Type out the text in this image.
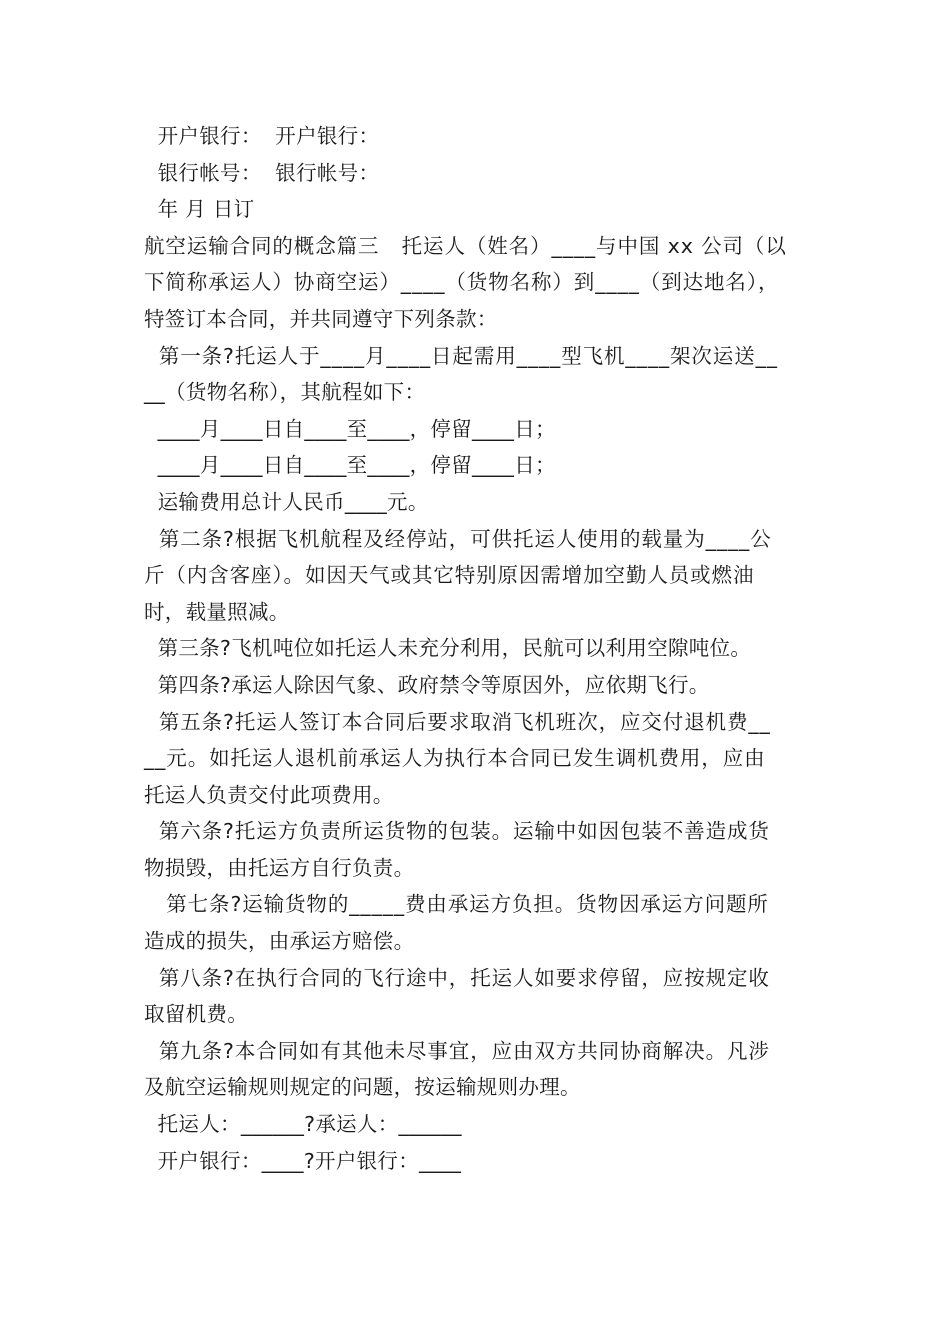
开户银行：  开户银行：
银行帐号：  银行帐号：
年 月 日订
航空运输合同的概念篇三   托运人（姓名）____与中国 xx 公司（以
下简称承运人）协商空运）____（货物名称）到____（到达地名），
特签订本合同，并共同遵守下列条款：
第一条?托运人于____月____日起需用____型飞机____架次运送__
__（货物名称），其航程如下：
____月____日自____至____，停留____日；
____月____日自____至____，停留____日；
运输费用总计人民币____元。
第二条?根据飞机航程及经停站，可供托运人使用的载量为____公
斤（内含客座）。如因天气或其它特别原因需增加空勤人员或燃油
时，载量照减。
第三条?飞机吨位如托运人未充分利用，民航可以利用空隙吨位。
第四条?承运人除因气象、政府禁令等原因外，应依期飞行。
第五条?托运人签订本合同后要求取消飞机班次，应交付退机费__
__元。如托运人退机前承运人为执行本合同已发生调机费用，应由
托运人负责交付此项费用。
第六条?托运方负责所运货物的包装。运输中如因包装不善造成货
物损毁，由托运方自行负责。
第七条?运输货物的_____费由承运方负担。货物因承运方问题所
造成的损失，由承运方赔偿。
第八条?在执行合同的飞行途中，托运人如要求停留，应按规定收
取留机费。
第九条?本合同如有其他未尽事宜，应由双方共同协商解决。凡涉
及航空运输规则规定的问题，按运输规则办理。
托运人：______?承运人：______
开户银行：____?开户银行：____
